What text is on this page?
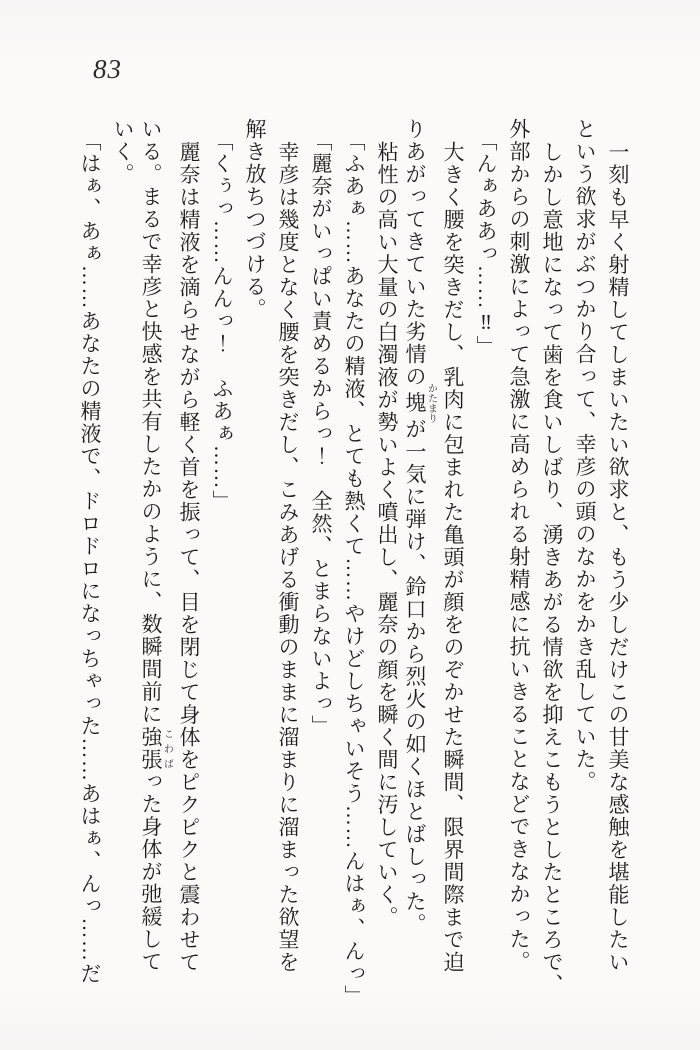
83
一刻も早く射精してしまいたい欲求と、もう少しだけこの甘美な感触を堪能したい
という欲求がぶつかり合って、幸彦の頭のなかをかき乱していた。
しかし意地になって歯を食いしばり、湧きあがる情欲を抑えこもうとしたところで、
外部からの刺激によって急激に高められる射精感に抗いきることなどできなかった。
「んぁああっ……‼」
大きく腰を突きだし、乳肉に包まれた亀頭が顔をのぞかせた瞬間、限界間際まで迫
りあがってきていた劣情の塊かたまりが一気に弾け、鈴口から烈火の如くほとばしった。
粘性の高い大量の白濁液が勢いよく噴出し、麗奈の顔を瞬く間に汚していく。
「ふあぁ……あなたの精液、とても熱くて……やけどしちゃいそう……んはぁ、んっ」
「麗奈がいっぱい責めるからっ！　全然、とまらないよっ」
幸彦は幾度となく腰を突きだし、こみあげる衝動のままに溜まりに溜まった欲望を
解き放ちつづける。
「くぅっ……んんっ！　ふあぁ……」
麗奈は精液を滴らせながら軽く首を振って、目を閉じて身体をピクピクと震わせて
いる。まるで幸彦と快感を共有したかのように、数瞬間前に強張こわばった身体が弛緩して
いく。
「はぁ、あぁ……あなたの精液で、ドロドロになっちゃった……あはぁ、んっ……だ
